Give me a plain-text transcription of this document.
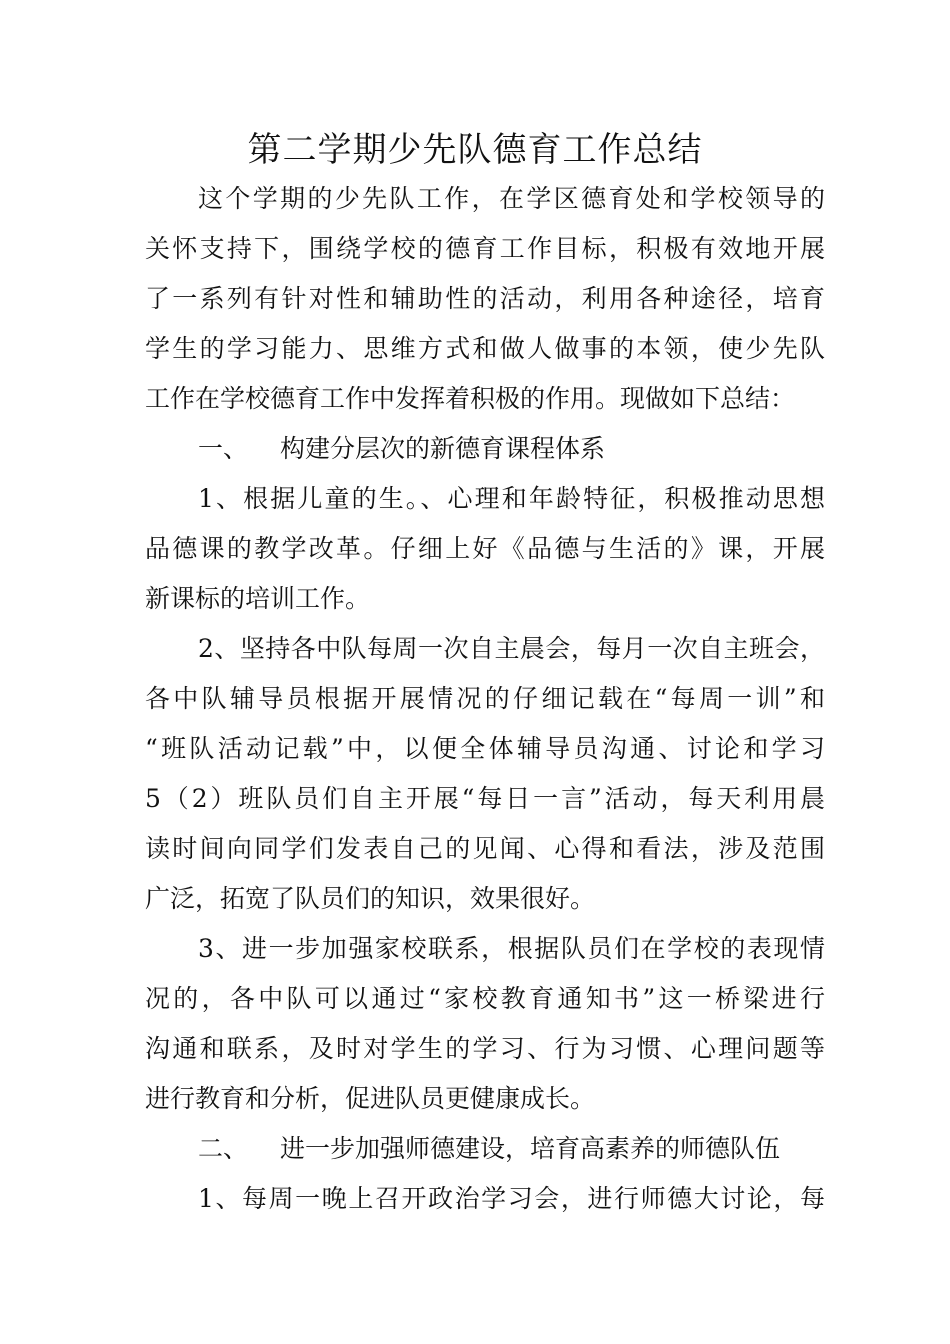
第二学期少先队德育工作总结

这个学期的少先队工作，在学区德育处和学校领导的

关怀支持下，围绕学校的德育工作目标，积极有效地开展

了一系列有针对性和辅助性的活动，利用各种途径，培育

学生的学习能力、思维方式和做人做事的本领，使少先队

工作在学校德育工作中发挥着积极的作用。现做如下总结：

一、 构建分层次的新德育课程体系

1、根据儿童的生。、心理和年龄特征，积极推动思想

品德课的教学改革。仔细上好《品德与生活的》课，开展

新课标的培训工作。

2、坚持各中队每周一次自主晨会，每月一次自主班会，

各中队辅导员根据开展情况的仔细记载在“每周一训”和

“班队活动记载”中，以便全体辅导员沟通、讨论和学习

5（2）班队员们自主开展“每日一言”活动，每天利用晨

读时间向同学们发表自己的见闻、心得和看法，涉及范围

广泛，拓宽了队员们的知识，效果很好。

3、进一步加强家校联系，根据队员们在学校的表现情

况的，各中队可以通过“家校教育通知书”这一桥梁进行

沟通和联系，及时对学生的学习、行为习惯、心理问题等

进行教育和分析，促进队员更健康成长。

二、 进一步加强师德建设，培育高素养的师德队伍

1、每周一晚上召开政治学习会，进行师德大讨论，每
